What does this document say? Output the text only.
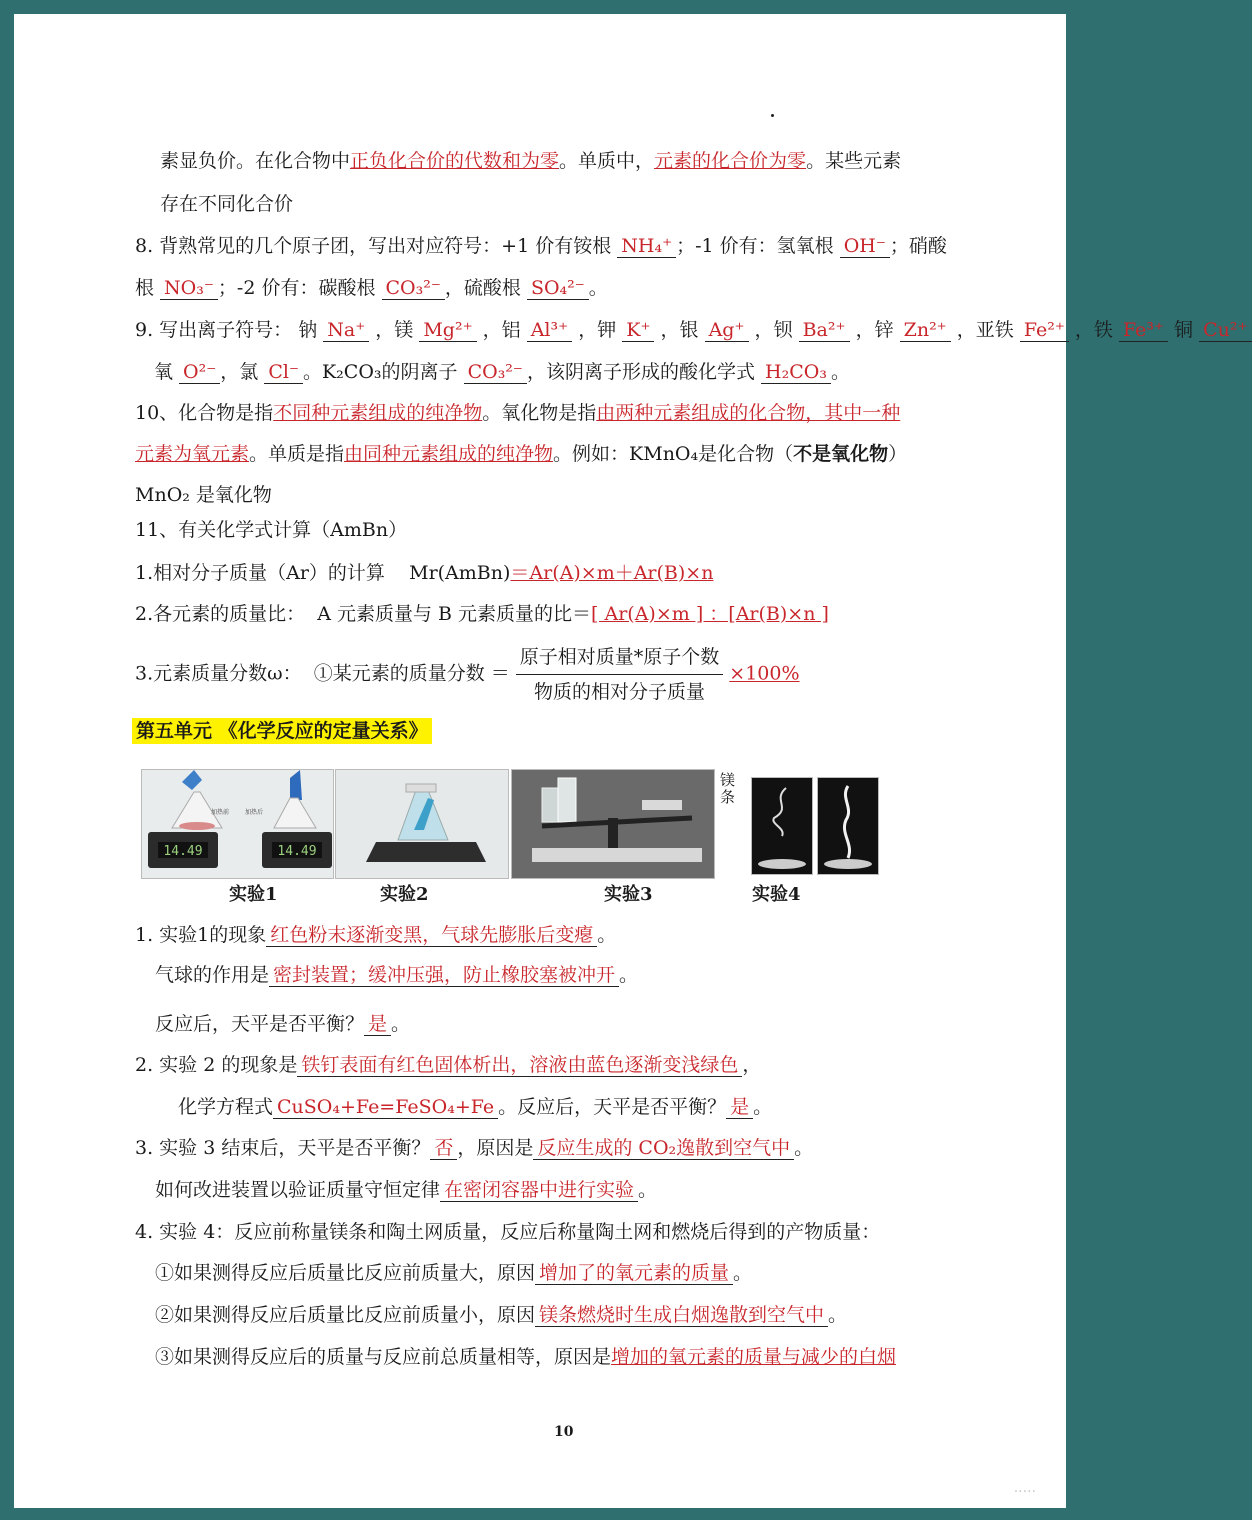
素显负价。在化合物中正负化合价的代数和为零。单质中，元素的化合价为零。某些元素
存在不同化合价
8. 背熟常见的几个原子团，写出对应符号：+1 价有铵根 NH₄⁺ ；-1 价有：氢氧根 OH⁻ ；硝酸
根 NO₃⁻ ；-2 价有：碳酸根 CO₃²⁻ ，硫酸根 SO₄²⁻ 。
9. 写出离子符号： 钠 Na⁺ ，镁 Mg²⁺ ，铝 Al³⁺ ，钾 K⁺ ，银 Ag⁺ ，钡 Ba²⁺ ，锌 Zn²⁺ ，亚铁 Fe²⁺ ，铁 Fe³⁺ 铜 Cu²⁺
氧 O²⁻ ，氯 Cl⁻ 。K₂CO₃的阴离子 CO₃²⁻ ，该阴离子形成的酸化学式 H₂CO₃ 。
10、化合物是指不同种元素组成的纯净物。氧化物是指由两种元素组成的化合物，其中一种
元素为氧元素。单质是指由同种元素组成的纯净物。例如：KMnO₄是化合物（不是氧化物）
MnO₂ 是氧化物
11、有关化学式计算（AmBn）
1.相对分子质量（Ar）的计算 Mr(AmBn)＝Ar(A)×m＋Ar(B)×n
2.各元素的质量比： A 元素质量与 B 元素质量的比＝[ Ar(A)×m ] ：[Ar(B)×n ]
3.元素质量分数ω： ①某元素的质量分数 ＝ $\frac{\text{原子相对质量*原子个数}}{\text{物质的相对分子质量}} \times 100\%$
第五单元 《化学反应的定量关系》
14.49	14.49
加热前	加热后
镁条
实验1	实验2	实验3	实验4
1. 实验1的现象 红色粉末逐渐变黑，气球先膨胀后变瘪 。
气球的作用是 密封装置；缓冲压强，防止橡胶塞被冲开 。
反应后，天平是否平衡？ 是 。
2. 实验 2 的现象是 铁钉表面有红色固体析出，溶液由蓝色逐渐变浅绿色 ，
化学方程式 CuSO₄+Fe=FeSO₄+Fe 。反应后，天平是否平衡？ 是 。
3. 实验 3 结束后，天平是否平衡？ 否 ，原因是 反应生成的 CO₂逸散到空气中 。
如何改进装置以验证质量守恒定律 在密闭容器中进行实验 。
4. 实验 4：反应前称量镁条和陶土网质量，反应后称量陶土网和燃烧后得到的产物质量：
①如果测得反应后质量比反应前质量大，原因 增加了的氧元素的质量 。
②如果测得反应后质量比反应前质量小，原因 镁条燃烧时生成白烟逸散到空气中 。
③如果测得反应后的质量与反应前总质量相等，原因是增加的氧元素的质量与减少的白烟
10
·····
